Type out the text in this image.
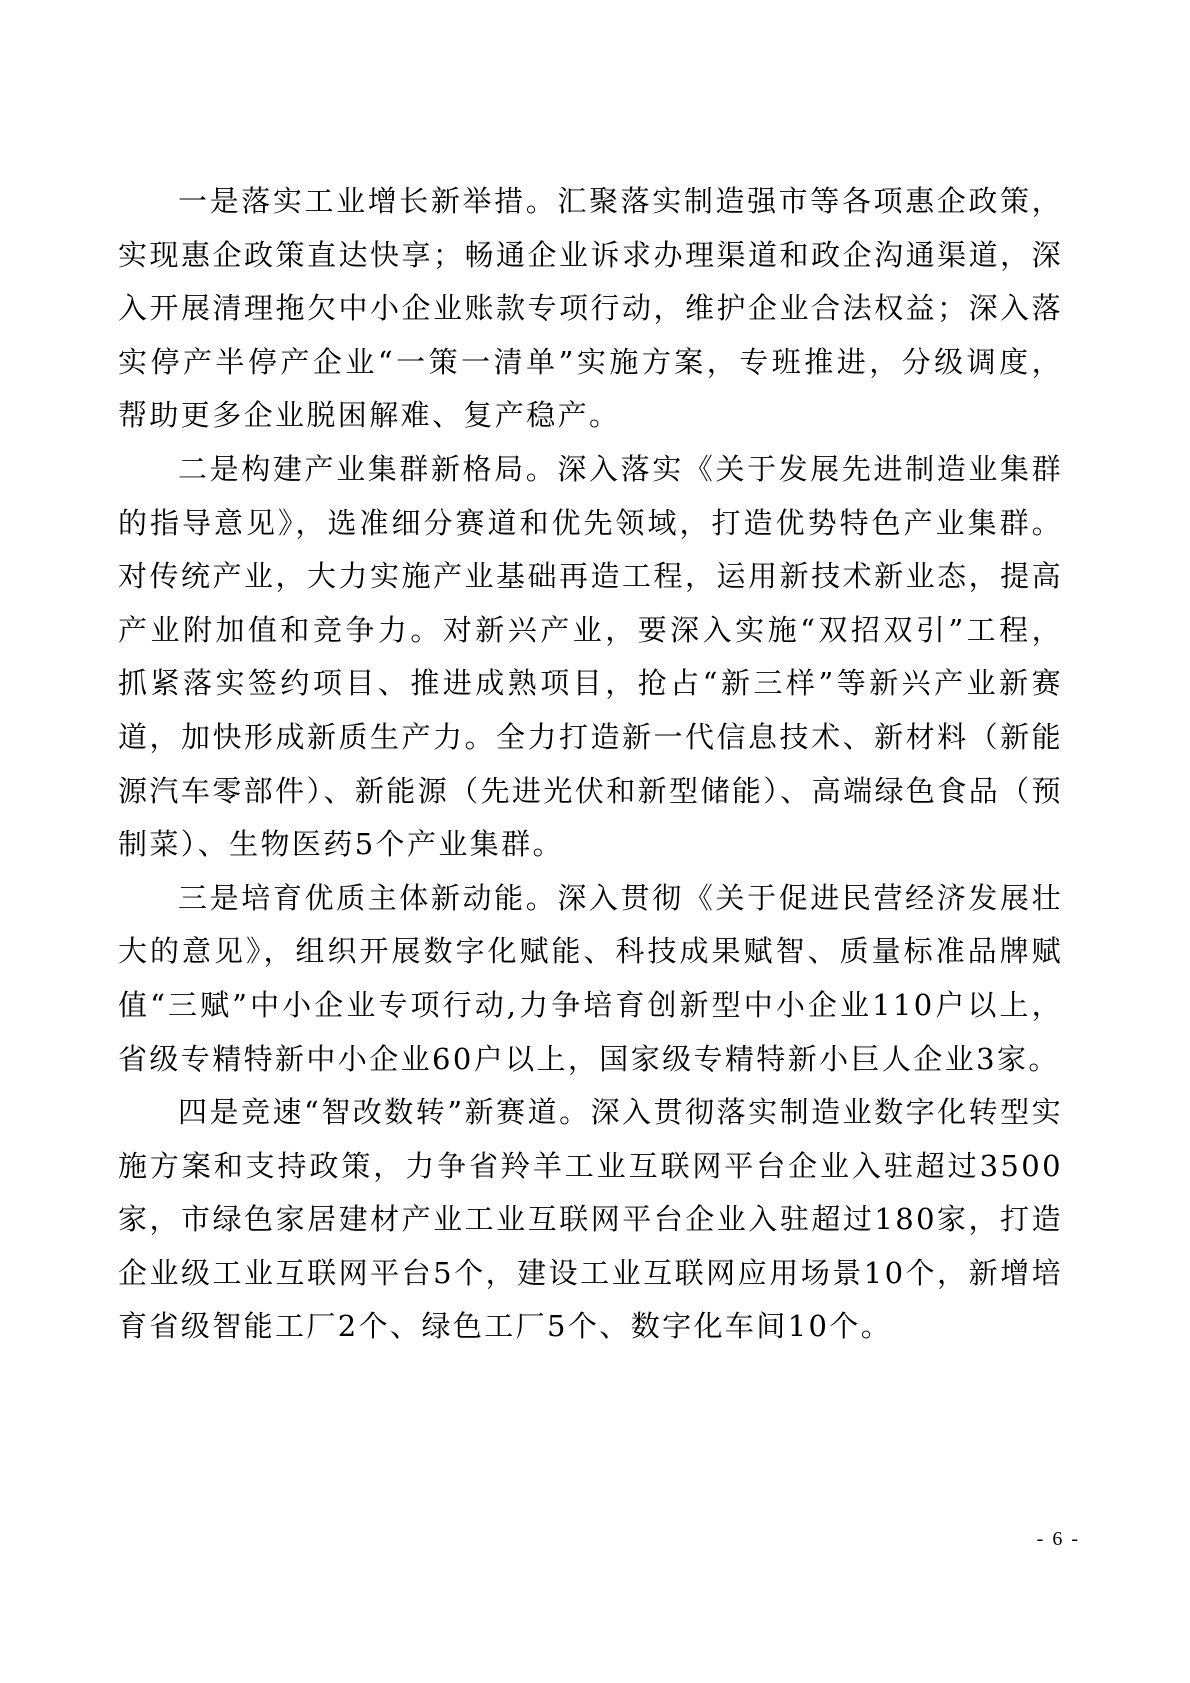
一是落实工业增长新举措。汇聚落实制造强市等各项惠企政策，实现惠企政策直达快享；畅通企业诉求办理渠道和政企沟通渠道，深入开展清理拖欠中小企业账款专项行动，维护企业合法权益；深入落实停产半停产企业“一策一清单”实施方案，专班推进，分级调度，帮助更多企业脱困解难、复产稳产。

二是构建产业集群新格局。深入落实《关于发展先进制造业集群的指导意见》，选准细分赛道和优先领域，打造优势特色产业集群。对传统产业，大力实施产业基础再造工程，运用新技术新业态，提高产业附加值和竞争力。对新兴产业，要深入实施“双招双引”工程，抓紧落实签约项目、推进成熟项目，抢占“新三样”等新兴产业新赛道，加快形成新质生产力。全力打造新一代信息技术、新材料（新能源汽车零部件）、新能源（先进光伏和新型储能）、高端绿色食品（预制菜）、生物医药5个产业集群。

三是培育优质主体新动能。深入贯彻《关于促进民营经济发展壮大的意见》，组织开展数字化赋能、科技成果赋智、质量标准品牌赋值“三赋”中小企业专项行动,力争培育创新型中小企业110户以上，省级专精特新中小企业60户以上，国家级专精特新小巨人企业3家。

四是竞速“智改数转”新赛道。深入贯彻落实制造业数字化转型实施方案和支持政策，力争省羚羊工业互联网平台企业入驻超过3500家，市绿色家居建材产业工业互联网平台企业入驻超过180家，打造企业级工业互联网平台5个，建设工业互联网应用场景10个，新增培育省级智能工厂2个、绿色工厂5个、数字化车间10个。

- 6 -
